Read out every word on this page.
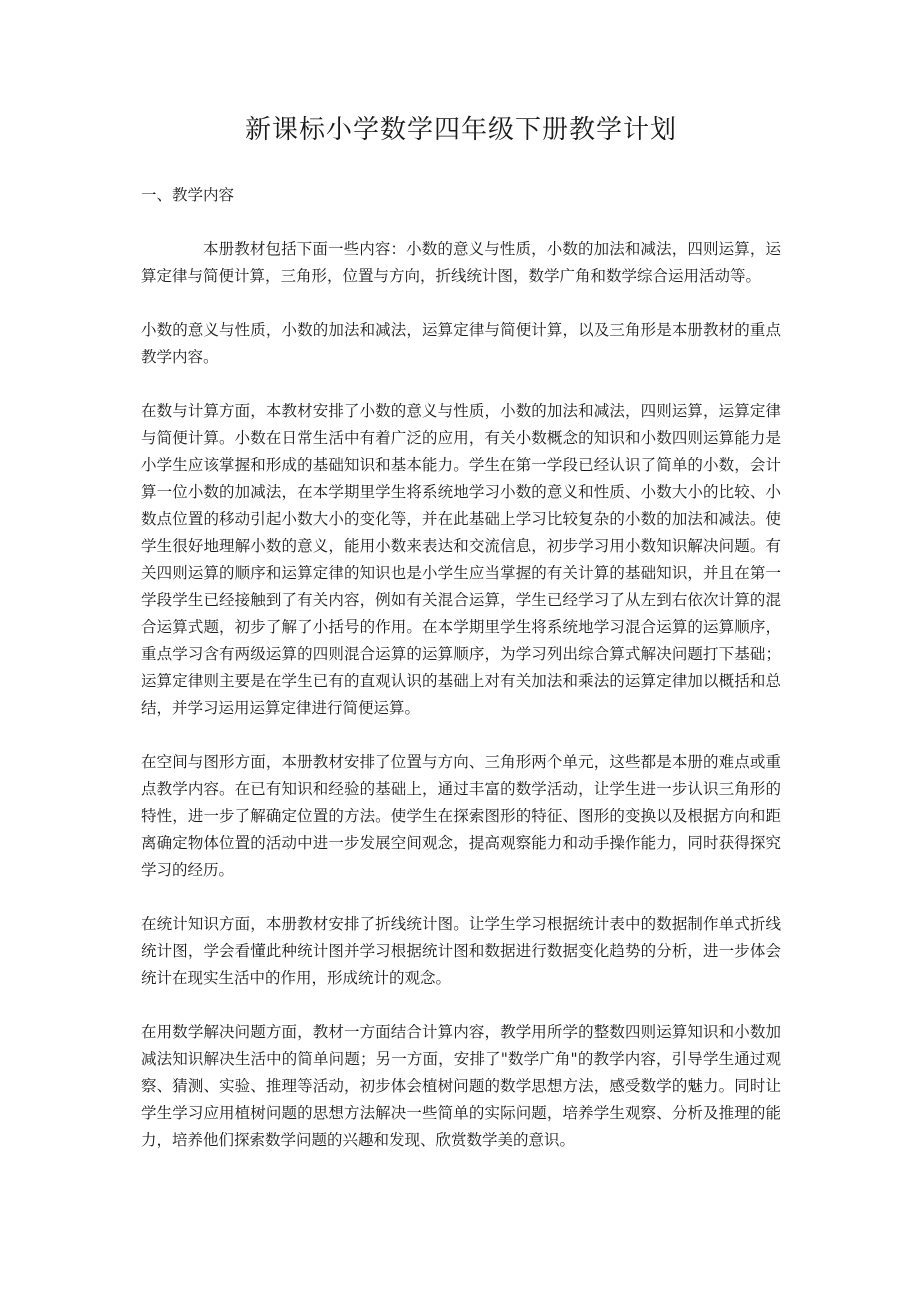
新课标小学数学四年级下册教学计划

一、教学内容

本册教材包括下面一些内容：小数的意义与性质，小数的加法和减法，四则运算，运算定律与简便计算，三角形，位置与方向，折线统计图，数学广角和数学综合运用活动等。

小数的意义与性质，小数的加法和减法，运算定律与简便计算，以及三角形是本册教材的重点教学内容。

在数与计算方面，本教材安排了小数的意义与性质，小数的加法和减法，四则运算，运算定律与简便计算。小数在日常生活中有着广泛的应用，有关小数概念的知识和小数四则运算能力是小学生应该掌握和形成的基础知识和基本能力。学生在第一学段已经认识了简单的小数，会计算一位小数的加减法，在本学期里学生将系统地学习小数的意义和性质、小数大小的比较、小数点位置的移动引起小数大小的变化等，并在此基础上学习比较复杂的小数的加法和减法。使学生很好地理解小数的意义，能用小数来表达和交流信息，初步学习用小数知识解决问题。有关四则运算的顺序和运算定律的知识也是小学生应当掌握的有关计算的基础知识，并且在第一学段学生已经接触到了有关内容，例如有关混合运算，学生已经学习了从左到右依次计算的混合运算式题，初步了解了小括号的作用。在本学期里学生将系统地学习混合运算的运算顺序，重点学习含有两级运算的四则混合运算的运算顺序，为学习列出综合算式解决问题打下基础；运算定律则主要是在学生已有的直观认识的基础上对有关加法和乘法的运算定律加以概括和总结，并学习运用运算定律进行简便运算。

在空间与图形方面，本册教材安排了位置与方向、三角形两个单元，这些都是本册的难点或重点教学内容。在已有知识和经验的基础上，通过丰富的数学活动，让学生进一步认识三角形的特性，进一步了解确定位置的方法。使学生在探索图形的特征、图形的变换以及根据方向和距离确定物体位置的活动中进一步发展空间观念，提高观察能力和动手操作能力，同时获得探究学习的经历。

在统计知识方面，本册教材安排了折线统计图。让学生学习根据统计表中的数据制作单式折线统计图，学会看懂此种统计图并学习根据统计图和数据进行数据变化趋势的分析，进一步体会统计在现实生活中的作用，形成统计的观念。

在用数学解决问题方面，教材一方面结合计算内容，教学用所学的整数四则运算知识和小数加减法知识解决生活中的简单问题；另一方面，安排了"数学广角"的教学内容，引导学生通过观察、猜测、实验、推理等活动，初步体会植树问题的数学思想方法，感受数学的魅力。同时让学生学习应用植树问题的思想方法解决一些简单的实际问题，培养学生观察、分析及推理的能力，培养他们探索数学问题的兴趣和发现、欣赏数学美的意识。
